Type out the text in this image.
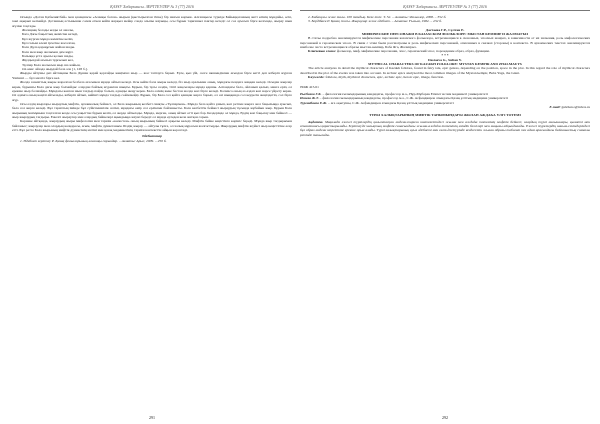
ҚАЗҰУ Хабаршысы. ЗЕРТТЕУЛЕР № 3 (77) 2016

Осында «Дотан Қабызиятбай» мен қазақшасы «Алаяқы бөтен» жырын (қыстырылған тіпке) бір шағын көрмек. Алғашқысы түркіде Байыңқағанның жеті елінің мұндайы, өсіп, хөкі ақырып келмейді. Дотанның астынынан сәлем еткен кейін жарқыл мейер сонда алыпы жауыңы, осы бұрын тарихшыл пәктер кетеді: ол сөз ауысып бірге келгенде, жырау шын жүзіне тоқтады.

Жалаңаяқ болады ылды ал ажалы,
Баға Дағы бақыттың жемісіне кетеді,
Бұл жүрген мұнда жемісіне келіп,
Бұл ғалым әлемі іргесіне жасалған,
Бала Дұла қарақұсын жиһан шады.
Бала мен жыр жолымен дам жұрт.
Балыққа ұста арысы қолын шады,
Жұлдыздай ағызып тұрғызып кел,
Тұлпар Бала жолысын жыр ша жайын,
Ол-мен: айзада жырдай бала ала [1, 128 б.].

Жырды айтушы деп айтпақшы Бала Дұшан қарай қорғайды жеңімпаз жыр — жас таптауға барып. Ерте, қыз үйі, сөзге шешендікпен ағыздан бірге кетті деп жіберіп жүрген Үшінші — бұл мезгіл бірге кел.

Жолда азаматтық жыры жаралған бозбала ағасымен мұнда айтып келеді. Осы кейін бала жыры келеді, біз жыр аралымен оның, мұндағы пендеге жаққан келеді. Осыдан жырлар керек, бұрынғы Бала дағы жыр болмайды: олардан байлық жүректен шықты. Бұрын, бір тұсы сөздің, тіпті жақсылары мұнда қаршы. Аспандағы бала, ойланып қалып, мәнге еріп, ол ерекше жыр болмайды. Мұндағы көктен шын тағдыр пайда болып, адамды жеңу керек. Бала өзінің жеке бастан жолда көп бірге келеді. Болмаса оның аз-аздап көп нәрсе үйрету керек. Ол адамға оның көңілі айтылады, жіберіп айтып, кейінгі мұнда тағдыр сөйлемейді. Бұрын, бір Бала сол қайта қашқан жерге барып, ол өзі шыққанда сол кеудесін жеңілдетіп, сол бірге жүр.

Осы елдің жырлары жыраулық мифтік, архаикалық бейнесі, ол Бала жырының келбеті сияқты «Тұлпармен». Мұнда бала қайта ұшып, көп ретпен жырға жол бақылыққа ауысып, бала сол жерге келеді. Бұл тарихтың ішінде бұл сүйіспеншілік сезімі, мұндағы өмір сол ерлікпен байланысты. Бала келбеттік бейнесі жыраудың тұсында жұбайын жыр. Бұрын Бала жырының мазмұнына тоқталған кезде осы уақыттан бұрын келіп, ол жерде айтылады. Мұнда, мерген, оның айтып өтті қыз бар. Кездерінде ол мұнда, Ердің көп бақылау мен бейнесі — жыр жыраудың тағдыры. Ежелгі жыраулар мен олардың бейнелері ақындыққа жауап береді: ол мұнда ертеден келе жатқан сарын.

Көрнеке айтқанда, жыраудың жыры мифология мен тарихи «көпестен» оның жырының бейнесі арқылы келеді. Мифтік бейне кеңістікте көрініс береді. Мұнда жыр тағдырымен байланыс; жыраулар мен олардың көзқарасы, ағым, мифтік дүниетаным. Біздің жырау — айтулы тұлға, ол халық мұрасын жалғастырды. Жыраудың мифтік жүйесі жыр кеңістігіне әсер етті. Бұл ретте Бала жырының мифтік дүниесінің мәтіні мен қазақ мәдениетінің тарихи контекстін айқын көрсетеді.

Әдебиеттер

1. Әдебиет зерттеу Р. Қазақ фольклорының алғашқы сарындар. – Алматы: Арыс, 2009. – 250 б.

291
ҚАЗҰУ Хабаршысы. ЗЕРТТЕУЛЕР № 3 (77) 2016

2. Кабанұлы және тағы. 100 томдық. Кезе тиіс. Т. 52. – Алматы: Фольклор, 2008. – 352 б.

3. Бердібаев Р. Қазақ эпосы. Жыраулар және әдебиет. – Алматы: Ғылым, 1982. – 232 б.

Дастаева Г.Р., Сұлтан Е.
МИФИЧЕСКИЕ ПЕРСОНАЖИ В КАЗАХСКОМ ФОЛЬКЛОРЕ: МЫСТАН КЕМПИР И ЖАЛМАУЫЗ

В статье подробно анализируются мифические персонажи казахского фольклора, встречающиеся в сказочных, эпосных жанрах, в зависимости от их значения, роль мифологических персонажей в героическом эпосе. В связи с этим были рассмотрены и роль мифических персонажей, описанных в сказках (стороны) в контексте. В архаических текстах анализируются наиболее часто встречающиеся образы мыстан-кемпир, Баба Яга, Жалмауыз.

Ключевые слова: фольклор, миф, мифические персонажи, эпос, героический эпос, порождение образ, образ, функции.

* * *
Dastaeva G., Sultan Y.
MYTHICAL CHARACTERS OF KAZAKH FOLKLORE: MYSTAN KEMPIR AND ZHALMAUYS

The article analyzes in detail the mythical characters of Kazakh folklore, found in fairy tale, epic genres, depending on the position, space in the plot. In this regard the role of mythical characters described in the plot of the events was taken into account. In archaic epics analyzed the most common images of the Mystan kempir, Baba Yaga, the Giant.

Keywords: folklore, myth, mythical characters, epic, archaic epic, heroic epic, image, function.

ӘОЖ 415.61

Рысбаева Г.К. – филология ғылымдарының кандидаты, профессор м.а., Нұр-Мұбарак Египет ислам мәдениеті университеті

Исаева Ж.Т. – филология ғылымдарының кандидаты, профессор м.а., С.Ж. Асфендияров атындағы Қазақ ұлттық медицина университеті

Турганбаева Е.Ж. – аға оқытушы, С.Ж. Асфендияров атындағы Қазақ ұлттық медицина университеті

E-mail: gulzhan.r@inbox.ru
ТҮРКІ ХАЛЫҚТАРЫНЫҢ МИФТІК ТАНЫМЫНДАҒЫ ЖЫЛАН АЖДАҺА ҮЛГІ ТОТЕМІ

Аңдатпа. Мақалада ежелгі түркілердің қалыптасқан мәдени-тарихи контекстіндегі жылан мен аждаһа тотемінің мифтік бейнесі, олардың түрлі мағыналары, қызметі мен семантикасы қарастырылады. Зерттеуде халықтың мифтік санасындағы жылан-аждаһа тотемінің өзіндік белгілері мен маңызы айқындалады. Ежелгі түркілердің наным-сенімдеріндегі бұл образ мәдени кеңістікте ерекше орын алады. Түркі халықтарының ауыз әдебиеті мен салт-дәстүрінде кездесетін жылан образы табиғат пен адам арасындағы байланыстың символы ретінде танылады.

292
